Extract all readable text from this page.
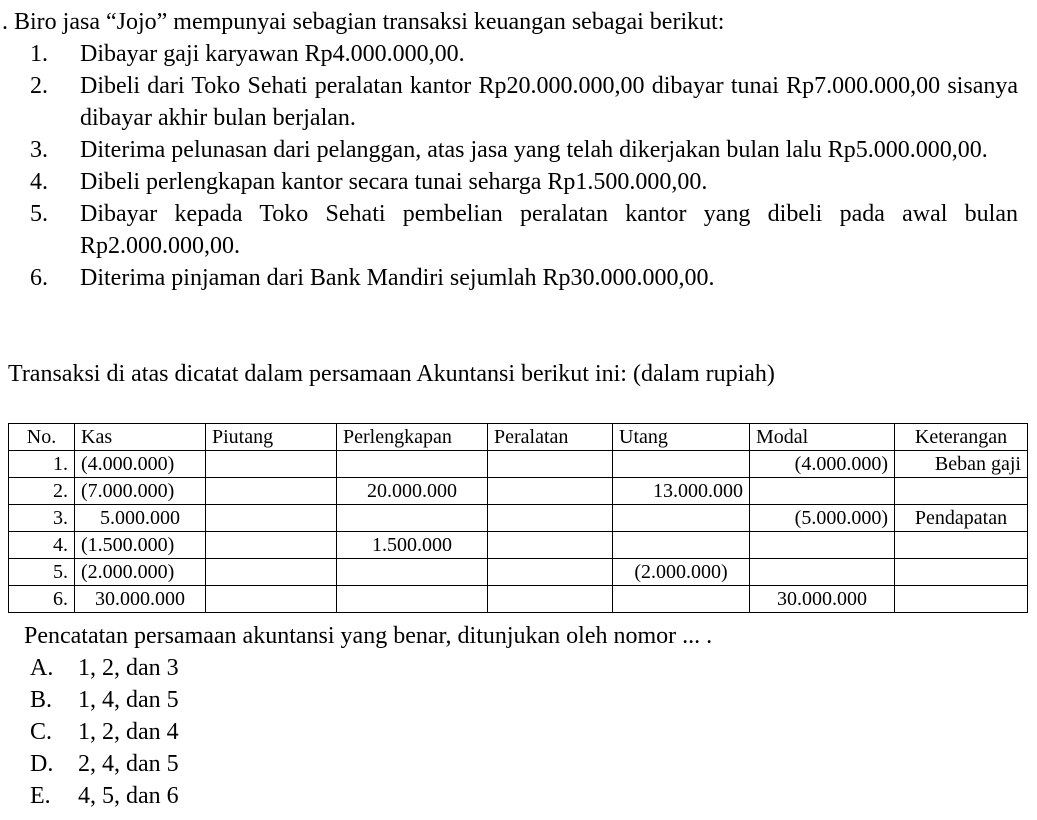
. Biro jasa “Jojo” mempunyai sebagian transaksi keuangan sebagai berikut:
1. Dibayar gaji karyawan Rp4.000.000,00.
2. Dibeli dari Toko Sehati peralatan kantor Rp20.000.000,00 dibayar tunai Rp7.000.000,00 sisanya dibayar akhir bulan berjalan.
3. Diterima pelunasan dari pelanggan, atas jasa yang telah dikerjakan bulan lalu Rp5.000.000,00.
4. Dibeli perlengkapan kantor secara tunai seharga Rp1.500.000,00.
5. Dibayar kepada Toko Sehati pembelian peralatan kantor yang dibeli pada awal bulan Rp2.000.000,00.
6. Diterima pinjaman dari Bank Mandiri sejumlah Rp30.000.000,00.
Transaksi di atas dicatat dalam persamaan Akuntansi berikut ini: (dalam rupiah)
No.	Kas	Piutang	Perlengkapan	Peralatan	Utang	Modal	Keterangan
1.	(4.000.000)					(4.000.000)	Beban gaji
2.	(7.000.000)		20.000.000		13.000.000		
3.	5.000.000					(5.000.000)	Pendapatan
4.	(1.500.000)		1.500.000				
5.	(2.000.000)				(2.000.000)		
6.	30.000.000					30.000.000	
Pencatatan persamaan akuntansi yang benar, ditunjukan oleh nomor ... .
A. 1, 2, dan 3
B. 1, 4, dan 5
C. 1, 2, dan 4
D. 2, 4, dan 5
E. 4, 5, dan 6
